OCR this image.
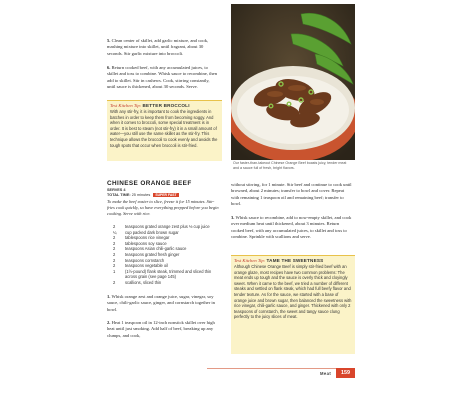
5. Clean center of skillet, add garlic mixture, and cook, mashing mixture into skillet, until fragrant, about 30 seconds. Stir garlic mixture into broccoli.

6. Return cooked beef, with any accumulated juices, to skillet and toss to combine. Whisk sauce to recombine, then add to skillet. Stir in cashews. Cook, stirring constantly, until sauce is thickened, about 30 seconds. Serve.

Test Kitchen Tip: BETTER BROCCOLI

With any stir-fry, it is important to cook the ingredients in batches in order to keep them from becoming soggy. And when it comes to broccoli, some special treatment is in order. It is best to steam (not stir-fry) it in a small amount of water—you still use the same skillet as the stir-fry. This technique allows the broccoli to cook evenly and avoids the tough spots that occur when broccoli is stir-fried.

Our faster-than-takeout Chinese Orange Beef boasts juicy, tender meat and a sauce full of fresh, bright flavors.

CHINESE ORANGE BEEF
SERVES 4
TOTAL TIME: 25 minutes SUPER FAST

To make the beef easier to slice, freeze it for 15 minutes. Stir-fries cook quickly, so have everything prepped before you begin cooking. Serve with rice.

2	teaspoons grated orange zest plus ⅓ cup juice
¼	cup packed dark brown sugar
2	tablespoons rice vinegar
2	tablespoons soy sauce
2	teaspoons Asian chili-garlic sauce
2	teaspoons grated fresh ginger
2	teaspoons cornstarch
2	teaspoons vegetable oil
1	(1½-pound) flank steak, trimmed and sliced thin across grain (see page 145)
2	scallions, sliced thin

1. Whisk orange zest and orange juice, sugar, vinegar, soy sauce, chili-garlic sauce, ginger, and cornstarch together in bowl.

2. Heat 1 teaspoon oil in 12-inch nonstick skillet over high heat until just smoking. Add half of beef, breaking up any clumps, and cook,

without stirring, for 1 minute. Stir beef and continue to cook until browned, about 2 minutes; transfer to bowl and cover. Repeat with remaining 1 teaspoon oil and remaining beef; transfer to bowl.

3. Whisk sauce to recombine, add to now-empty skillet, and cook over medium heat until thickened, about 3 minutes. Return cooked beef, with any accumulated juices, to skillet and toss to combine. Sprinkle with scallions and serve.

Test Kitchen Tip: TAME THE SWEETNESS

Although Chinese Orange Beef is simply stir-fried beef with an orange glaze, most recipes have two common problems: The meat ends up tough and the sauce is overly thick and cloyingly sweet. When it came to the beef, we tried a number of different steaks and settled on flank steak, which had full beefy flavor and tender texture. As for the sauce, we started with a base of orange juice and brown sugar, then balanced the sweetness with rice vinegar, chili-garlic sauce, and ginger. Thickened with only 2 teaspoons of cornstarch, the sweet and tangy sauce clung perfectly to the juicy slices of meat.

Meat	159
